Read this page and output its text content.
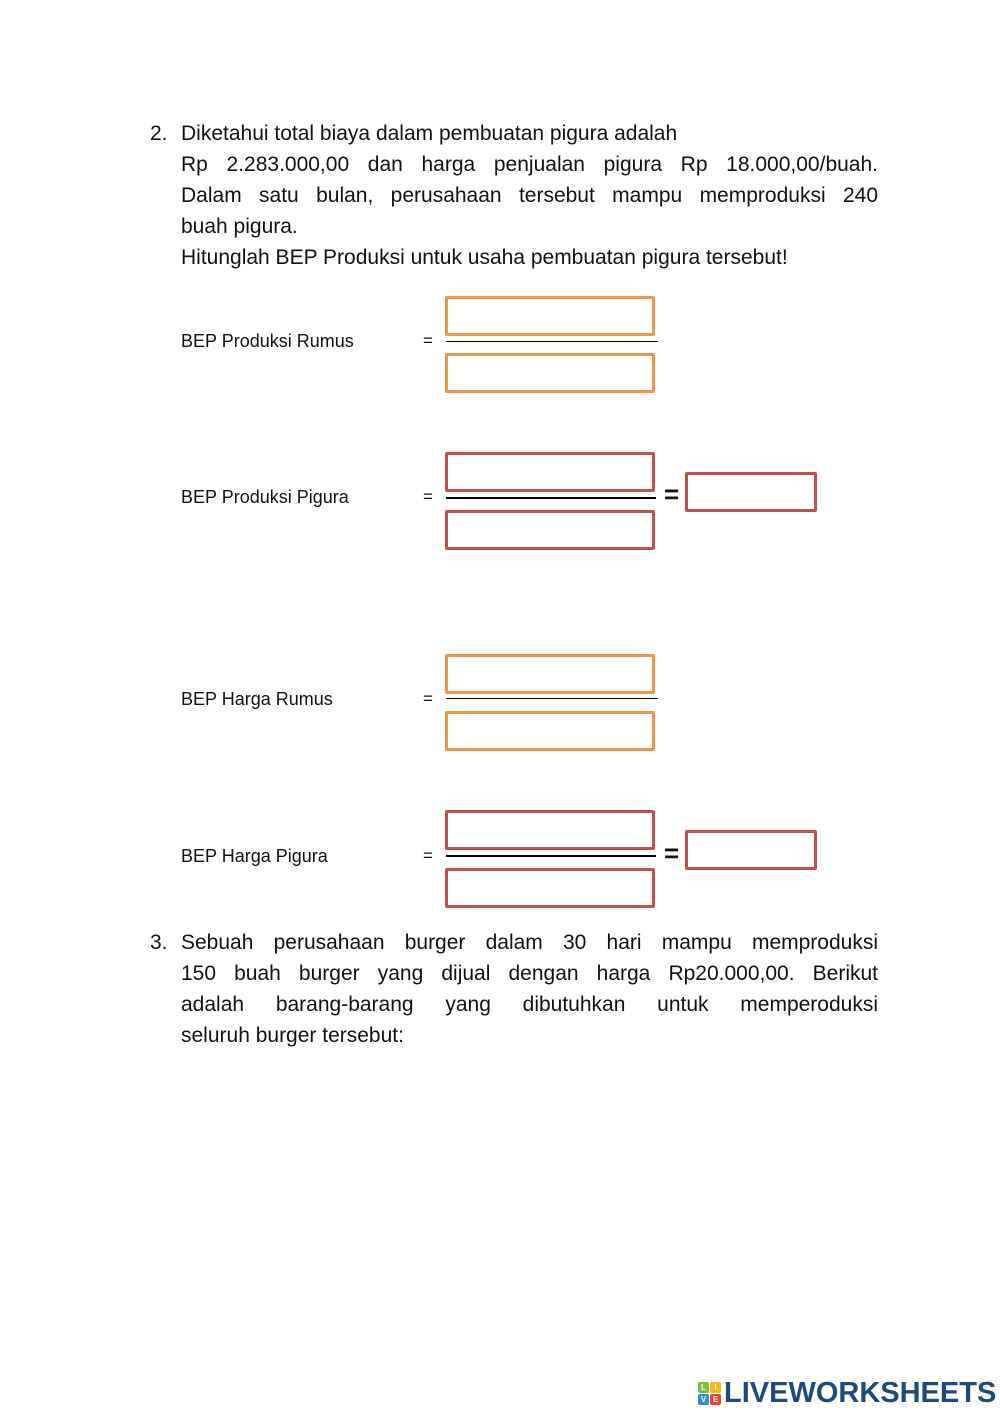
2. Diketahui total biaya dalam pembuatan pigura adalah
Rp 2.283.000,00 dan harga penjualan pigura Rp 18.000,00/buah.
Dalam satu bulan, perusahaan tersebut mampu memproduksi 240
buah pigura.
Hitunglah BEP Produksi untuk usaha pembuatan pigura tersebut!
BEP Produksi Rumus	=
BEP Produksi Pigura	=	=
BEP Harga Rumus	=
BEP Harga Pigura	=	=
3. Sebuah perusahaan burger dalam 30 hari mampu memproduksi
150 buah burger yang dijual dengan harga Rp20.000,00. Berikut
adalah barang-barang yang dibutuhkan untuk memperoduksi
seluruh burger tersebut:
L	I
V E LIVEWORKSHEETS
